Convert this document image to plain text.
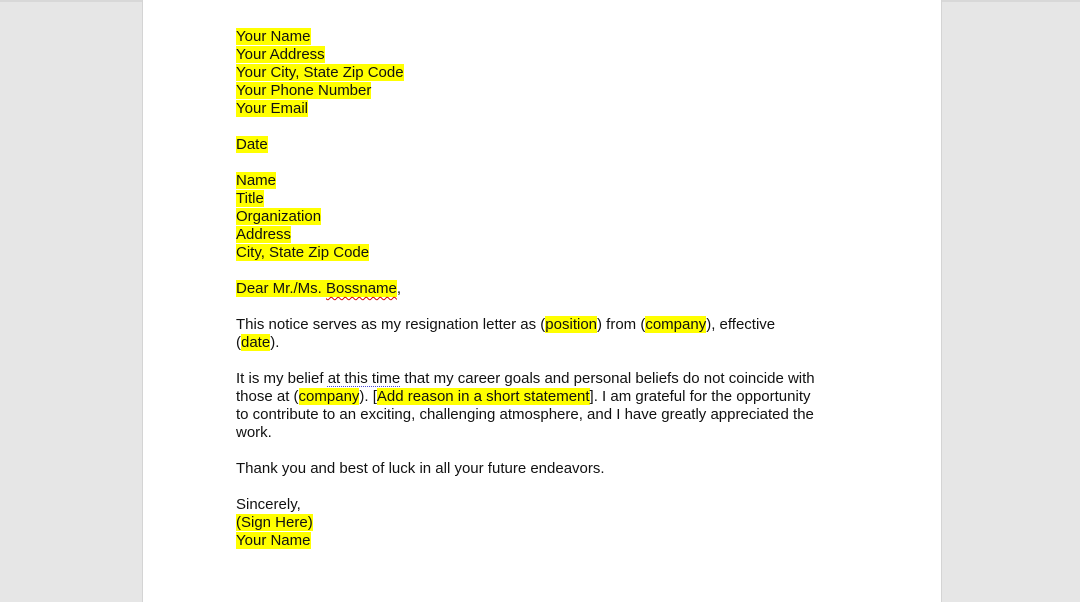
Your Name
Your Address
Your City, State Zip Code
Your Phone Number
Your Email
Date
Name
Title
Organization
Address
City, State Zip Code
Dear Mr./Ms. Bossname,
This notice serves as my resignation letter as (position) from (company), effective
(date).
It is my belief at this time that my career goals and personal beliefs do not coincide with
those at (company). [Add reason in a short statement]. I am grateful for the opportunity
to contribute to an exciting, challenging atmosphere, and I have greatly appreciated the
work.
Thank you and best of luck in all your future endeavors.
Sincerely,
(Sign Here)
Your Name
